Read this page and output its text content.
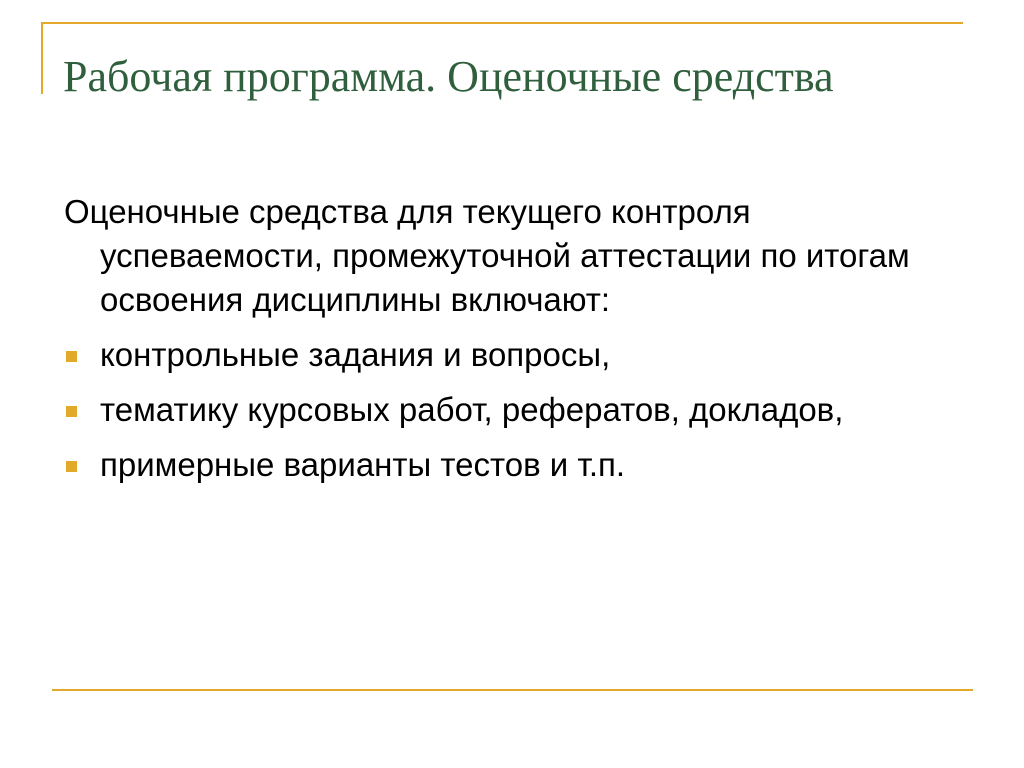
Рабочая программа. Оценочные средства

Оценочные средства для текущего контроля успеваемости, промежуточной аттестации по итогам освоения дисциплины включают:

контрольные задания и вопросы,
тематику курсовых работ, рефератов, докладов,
примерные варианты тестов и т.п.
